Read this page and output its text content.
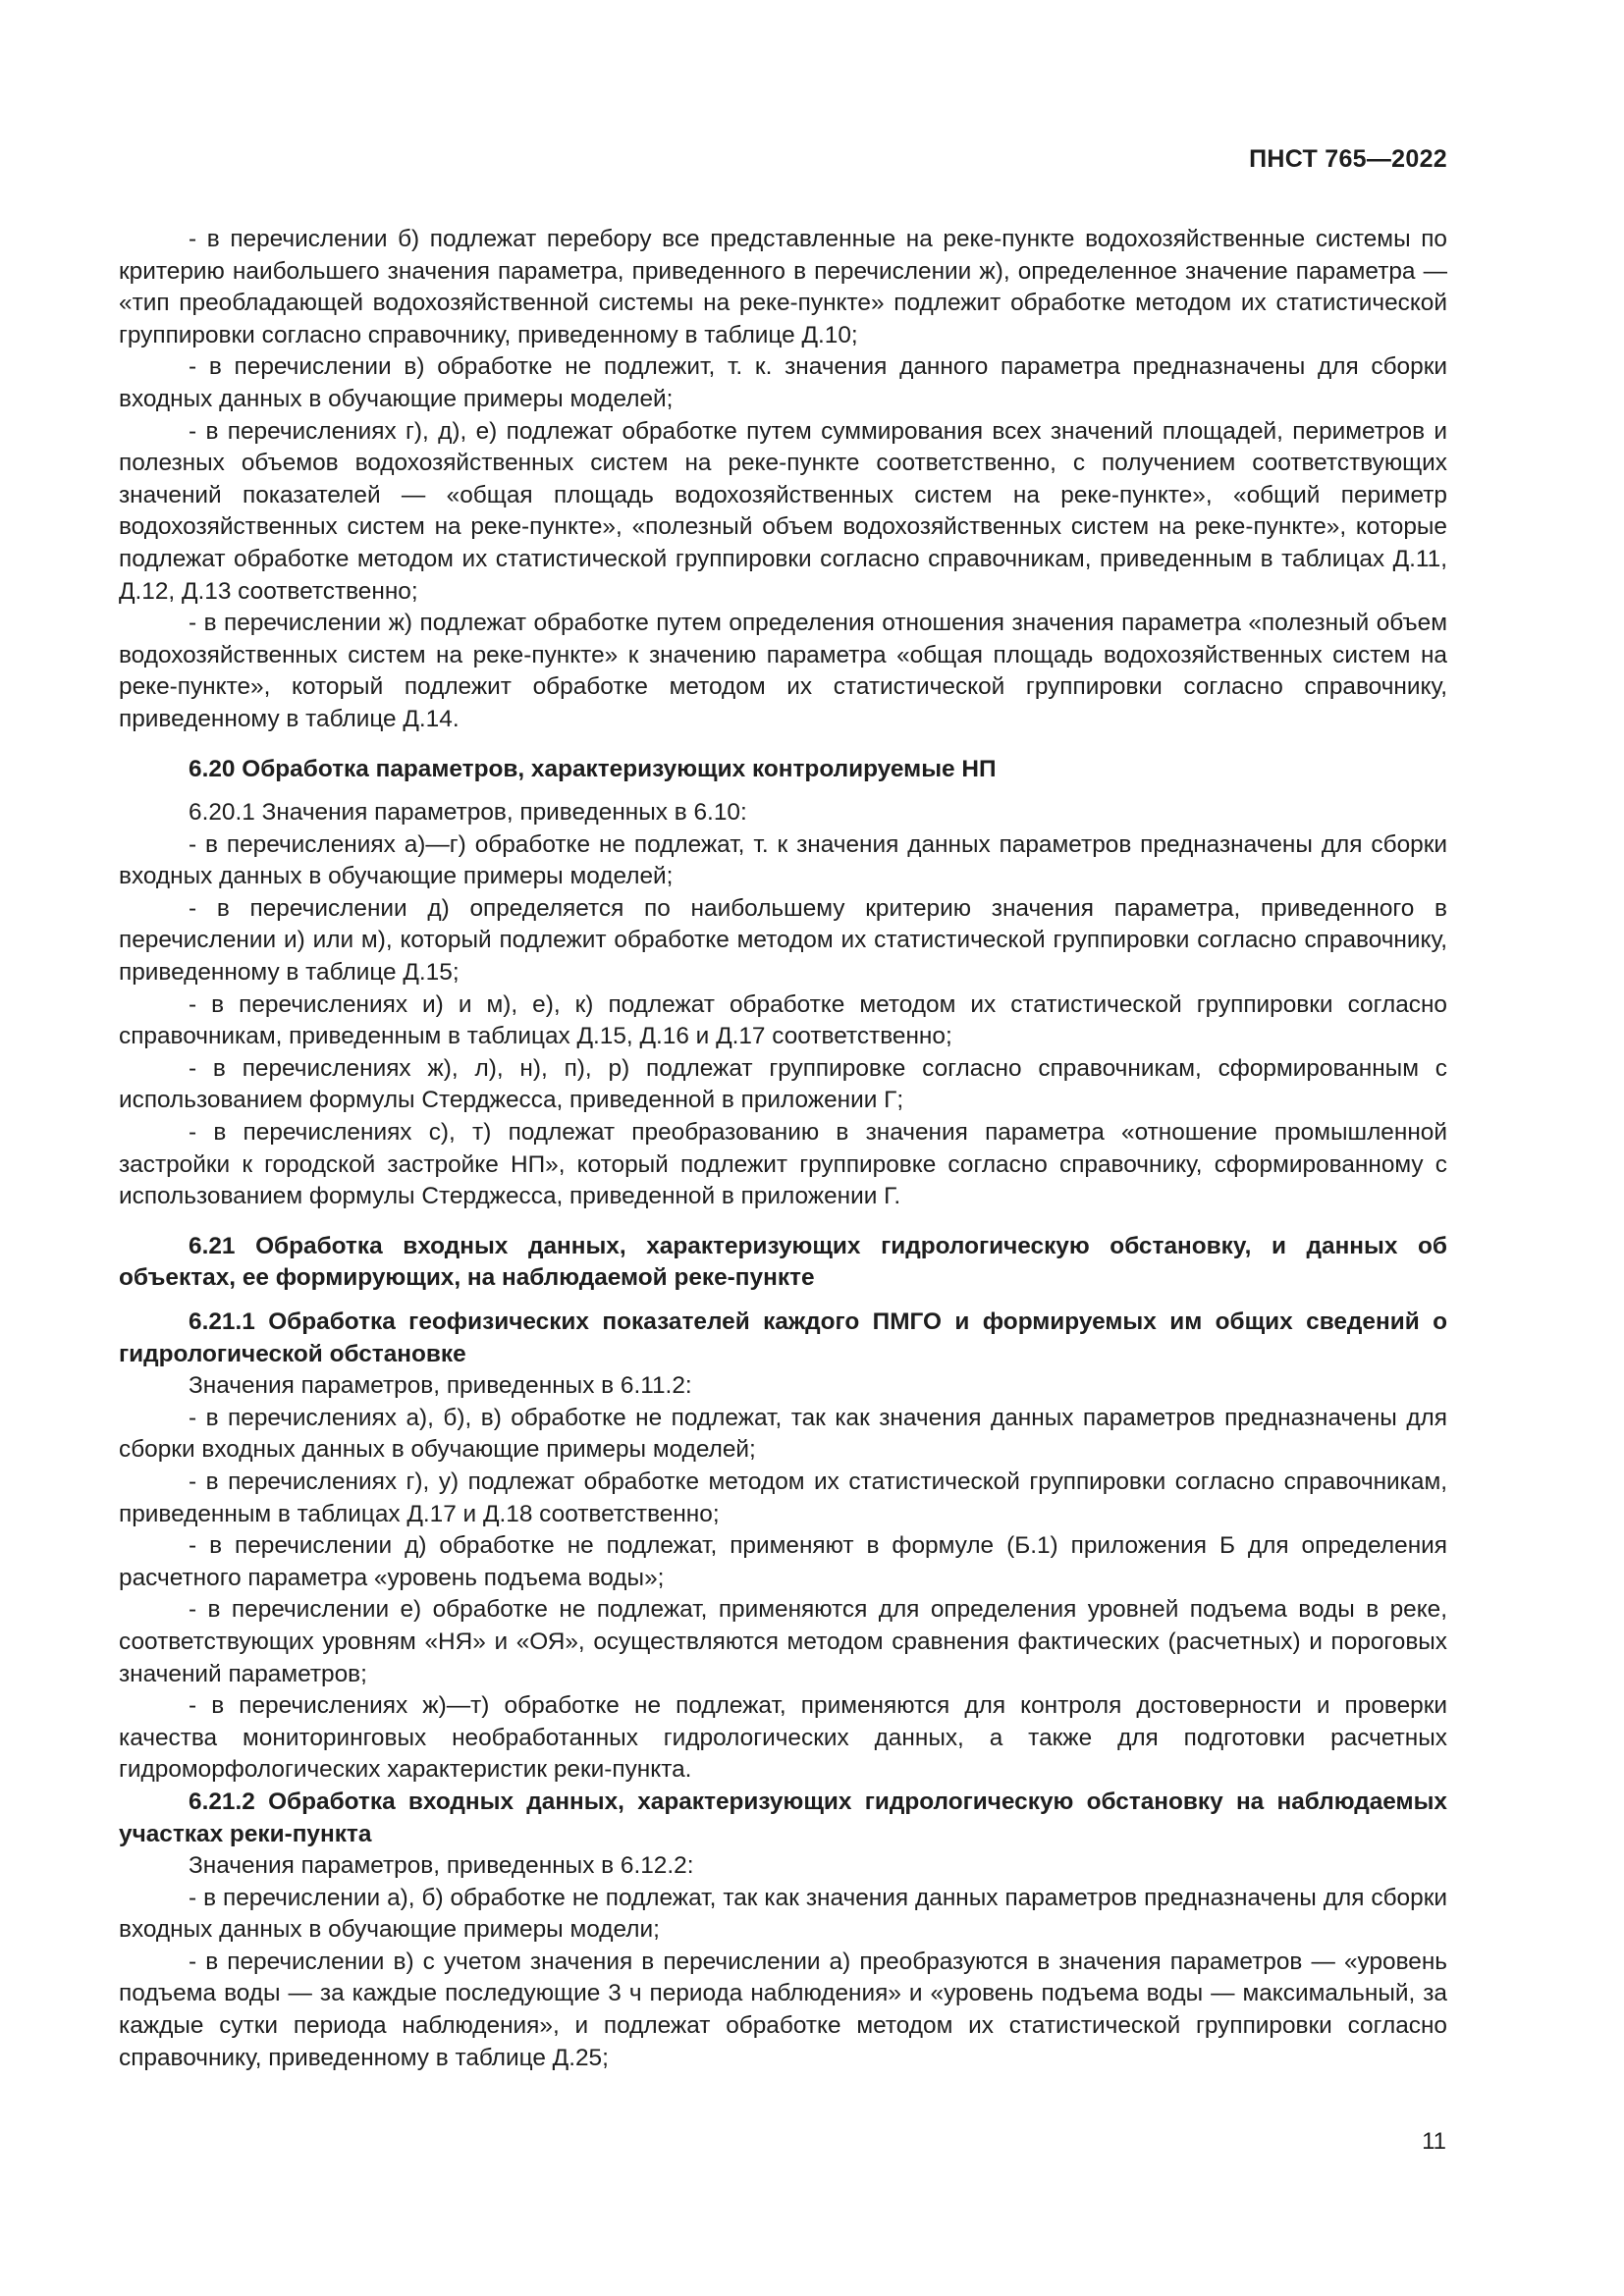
ПНСТ 765—2022

- в перечислении б) подлежат перебору все представленные на реке-пункте водохозяйственные системы по критерию наибольшего значения параметра, приведенного в перечислении ж), определенное значение параметра — «тип преобладающей водохозяйственной системы на реке-пункте» подлежит обработке методом их статистической группировки согласно справочнику, приведенному в таблице Д.10;

- в перечислении в) обработке не подлежит, т. к. значения данного параметра предназначены для сборки входных данных в обучающие примеры моделей;

- в перечислениях г), д), е) подлежат обработке путем суммирования всех значений площадей, периметров и полезных объемов водохозяйственных систем на реке-пункте соответственно, с получением соответствующих значений показателей — «общая площадь водохозяйственных систем на реке-пункте», «общий периметр водохозяйственных систем на реке-пункте», «полезный объем водохозяйственных систем на реке-пункте», которые подлежат обработке методом их статистической группировки согласно справочникам, приведенным в таблицах Д.11, Д.12, Д.13 соответственно;

- в перечислении ж) подлежат обработке путем определения отношения значения параметра «полезный объем водохозяйственных систем на реке-пункте» к значению параметра «общая площадь водохозяйственных систем на реке-пункте», который подлежит обработке методом их статистической группировки согласно справочнику, приведенному в таблице Д.14.

6.20 Обработка параметров, характеризующих контролируемые НП

6.20.1 Значения параметров, приведенных в 6.10:

- в перечислениях а)—г) обработке не подлежат, т. к значения данных параметров предназначены для сборки входных данных в обучающие примеры моделей;

- в перечислении д) определяется по наибольшему критерию значения параметра, приведенного в перечислении и) или м), который подлежит обработке методом их статистической группировки согласно справочнику, приведенному в таблице Д.15;

- в перечислениях и) и м), е), к) подлежат обработке методом их статистической группировки согласно справочникам, приведенным в таблицах Д.15, Д.16 и Д.17 соответственно;

- в перечислениях ж), л), н), п), р) подлежат группировке согласно справочникам, сформированным с использованием формулы Стерджесса, приведенной в приложении Г;

- в перечислениях с), т) подлежат преобразованию в значения параметра «отношение промышленной застройки к городской застройке НП», который подлежит группировке согласно справочнику, сформированному с использованием формулы Стерджесса, приведенной в приложении Г.

6.21 Обработка входных данных, характеризующих гидрологическую обстановку, и данных об объектах, ее формирующих, на наблюдаемой реке-пункте
6.21.1 Обработка геофизических показателей каждого ПМГО и формируемых им общих сведений о гидрологической обстановке

Значения параметров, приведенных в 6.11.2:

- в перечислениях а), б), в) обработке не подлежат, так как значения данных параметров предназначены для сборки входных данных в обучающие примеры моделей;

- в перечислениях г), у) подлежат обработке методом их статистической группировки согласно справочникам, приведенным в таблицах Д.17 и Д.18 соответственно;

- в перечислении д) обработке не подлежат, применяют в формуле (Б.1) приложения Б для определения расчетного параметра «уровень подъема воды»;

- в перечислении е) обработке не подлежат, применяются для определения уровней подъема воды в реке, соответствующих уровням «НЯ» и «ОЯ», осуществляются методом сравнения фактических (расчетных) и пороговых значений параметров;

- в перечислениях ж)—т) обработке не подлежат, применяются для контроля достоверности и проверки качества мониторинговых необработанных гидрологических данных, а также для подготовки расчетных гидроморфологических характеристик реки-пункта.

6.21.2 Обработка входных данных, характеризующих гидрологическую обстановку на наблюдаемых участках реки-пункта

Значения параметров, приведенных в 6.12.2:

- в перечислении а), б) обработке не подлежат, так как значения данных параметров предназначены для сборки входных данных в обучающие примеры модели;

- в перечислении в) с учетом значения в перечислении а) преобразуются в значения параметров — «уровень подъема воды — за каждые последующие 3 ч периода наблюдения» и «уровень подъема воды — максимальный, за каждые сутки периода наблюдения», и подлежат обработке методом их статистической группировки согласно справочнику, приведенному в таблице Д.25;

11
